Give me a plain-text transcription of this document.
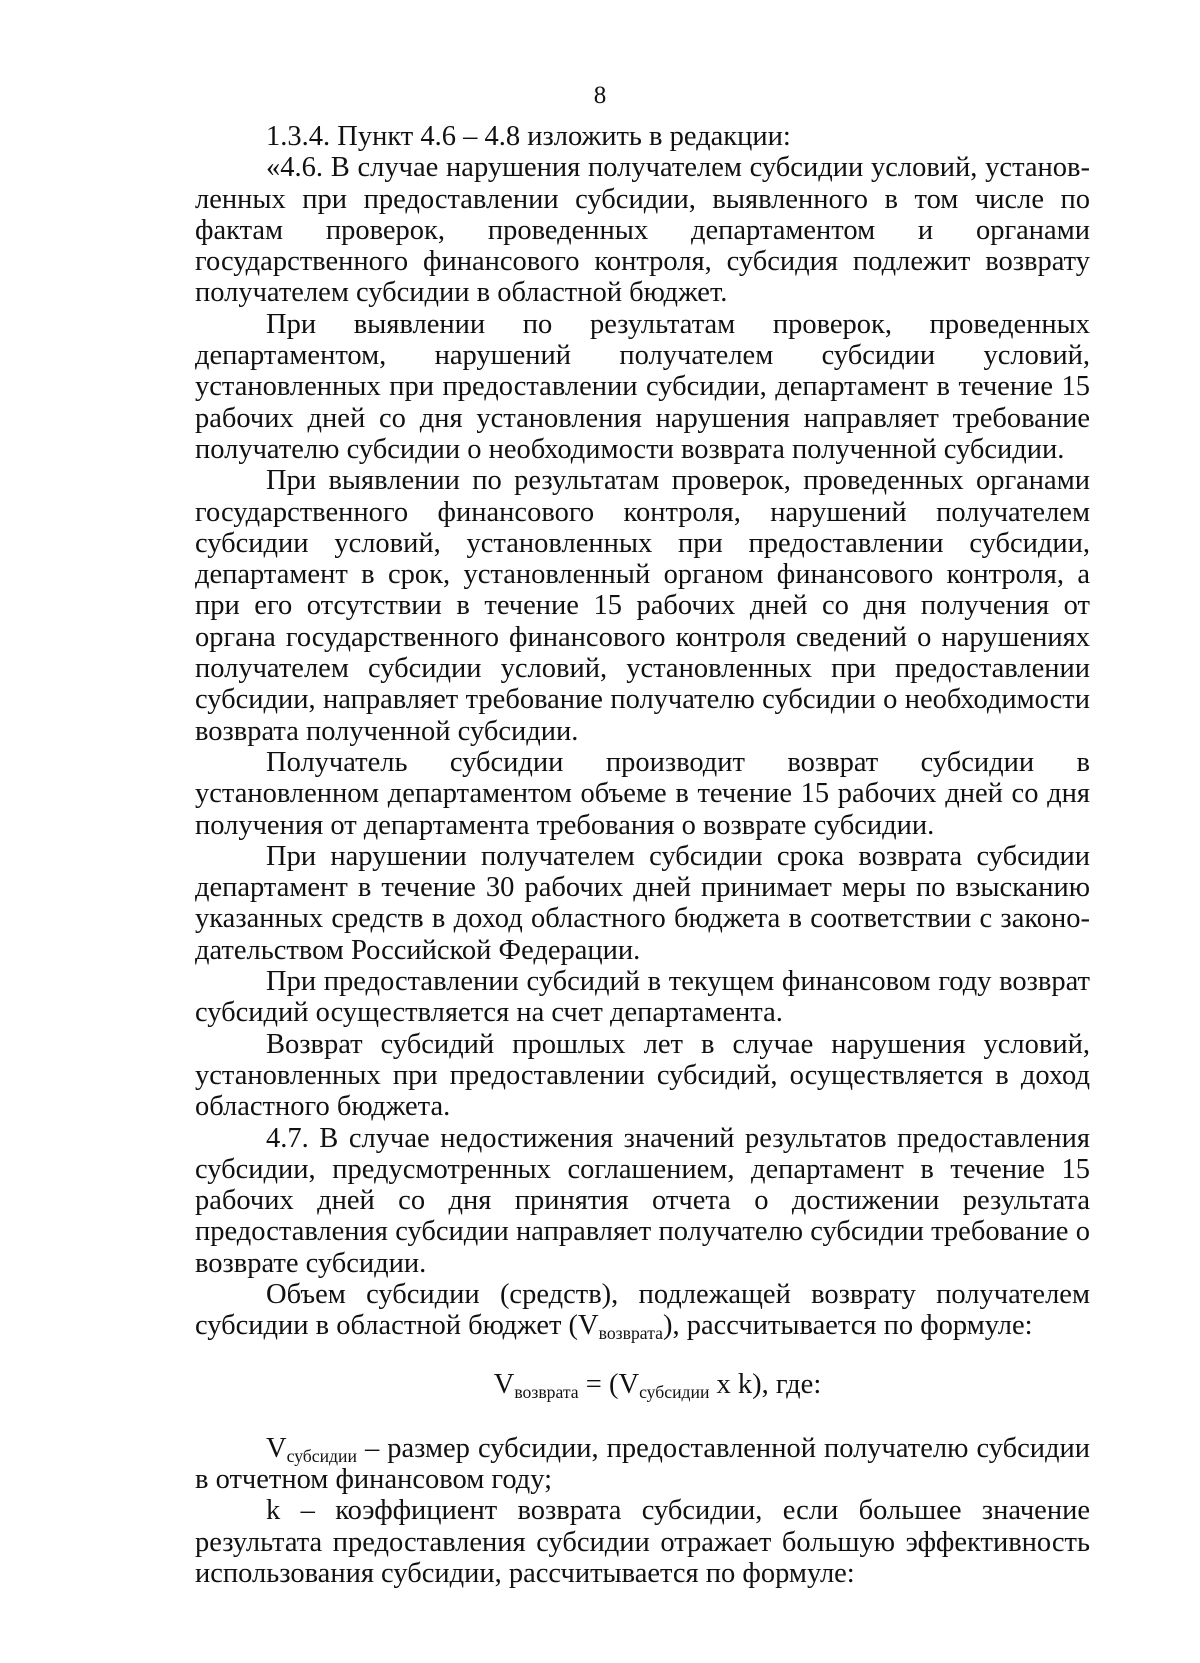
8

1.3.4. Пункт 4.6 – 4.8 изложить в редакции:

«4.6. В случае нарушения получателем субсидии условий, установленных при предоставлении субсидии, выявленного в том числе по фактам проверок, проведенных департаментом и органами государственного финансового контроля, субсидия подлежит возврату получателем субсидии в областной бюджет.

При выявлении по результатам проверок, проведенных департаментом, нарушений получателем субсидии условий, установленных при предоставлении субсидии, департамент в течение 15 рабочих дней со дня установления нарушения направляет требование получателю субсидии о необходимости возврата полученной субсидии.

При выявлении по результатам проверок, проведенных органами государственного финансового контроля, нарушений получателем субсидии условий, установленных при предоставлении субсидии, департамент в срок, установленный органом финансового контроля, а при его отсутствии в течение 15 рабочих дней со дня получения от органа государственного финансового контроля сведений о нарушениях получателем субсидии условий, установленных при предоставлении субсидии, направляет требование получателю субсидии о необходимости возврата полученной субсидии.

Получатель субсидии производит возврат субсидии в установленном департаментом объеме в течение 15 рабочих дней со дня получения от департамента требования о возврате субсидии.

При нарушении получателем субсидии срока возврата субсидии департамент в течение 30 рабочих дней принимает меры по взысканию указанных средств в доход областного бюджета в соответствии с законодательством Российской Федерации.

При предоставлении субсидий в текущем финансовом году возврат субсидий осуществляется на счет департамента.

Возврат субсидий прошлых лет в случае нарушения условий, установленных при предоставлении субсидий, осуществляется в доход областного бюджета.

4.7. В случае недостижения значений результатов предоставления субсидии, предусмотренных соглашением, департамент в течение 15 рабочих дней со дня принятия отчета о достижении результата предоставления субсидии направляет получателю субсидии требование о возврате субсидии.

Объем субсидии (средств), подлежащей возврату получателем субсидии в областной бюджет $(V_{возврата})$, рассчитывается по формуле:

$V_{возврата} = (V_{субсидии}$ x k), где:

$V_{субсидии}$ – размер субсидии, предоставленной получателю субсидии в отчетном финансовом году;

k – коэффициент возврата субсидии, если большее значение результата предоставления субсидии отражает большую эффективность использования субсидии, рассчитывается по формуле:
